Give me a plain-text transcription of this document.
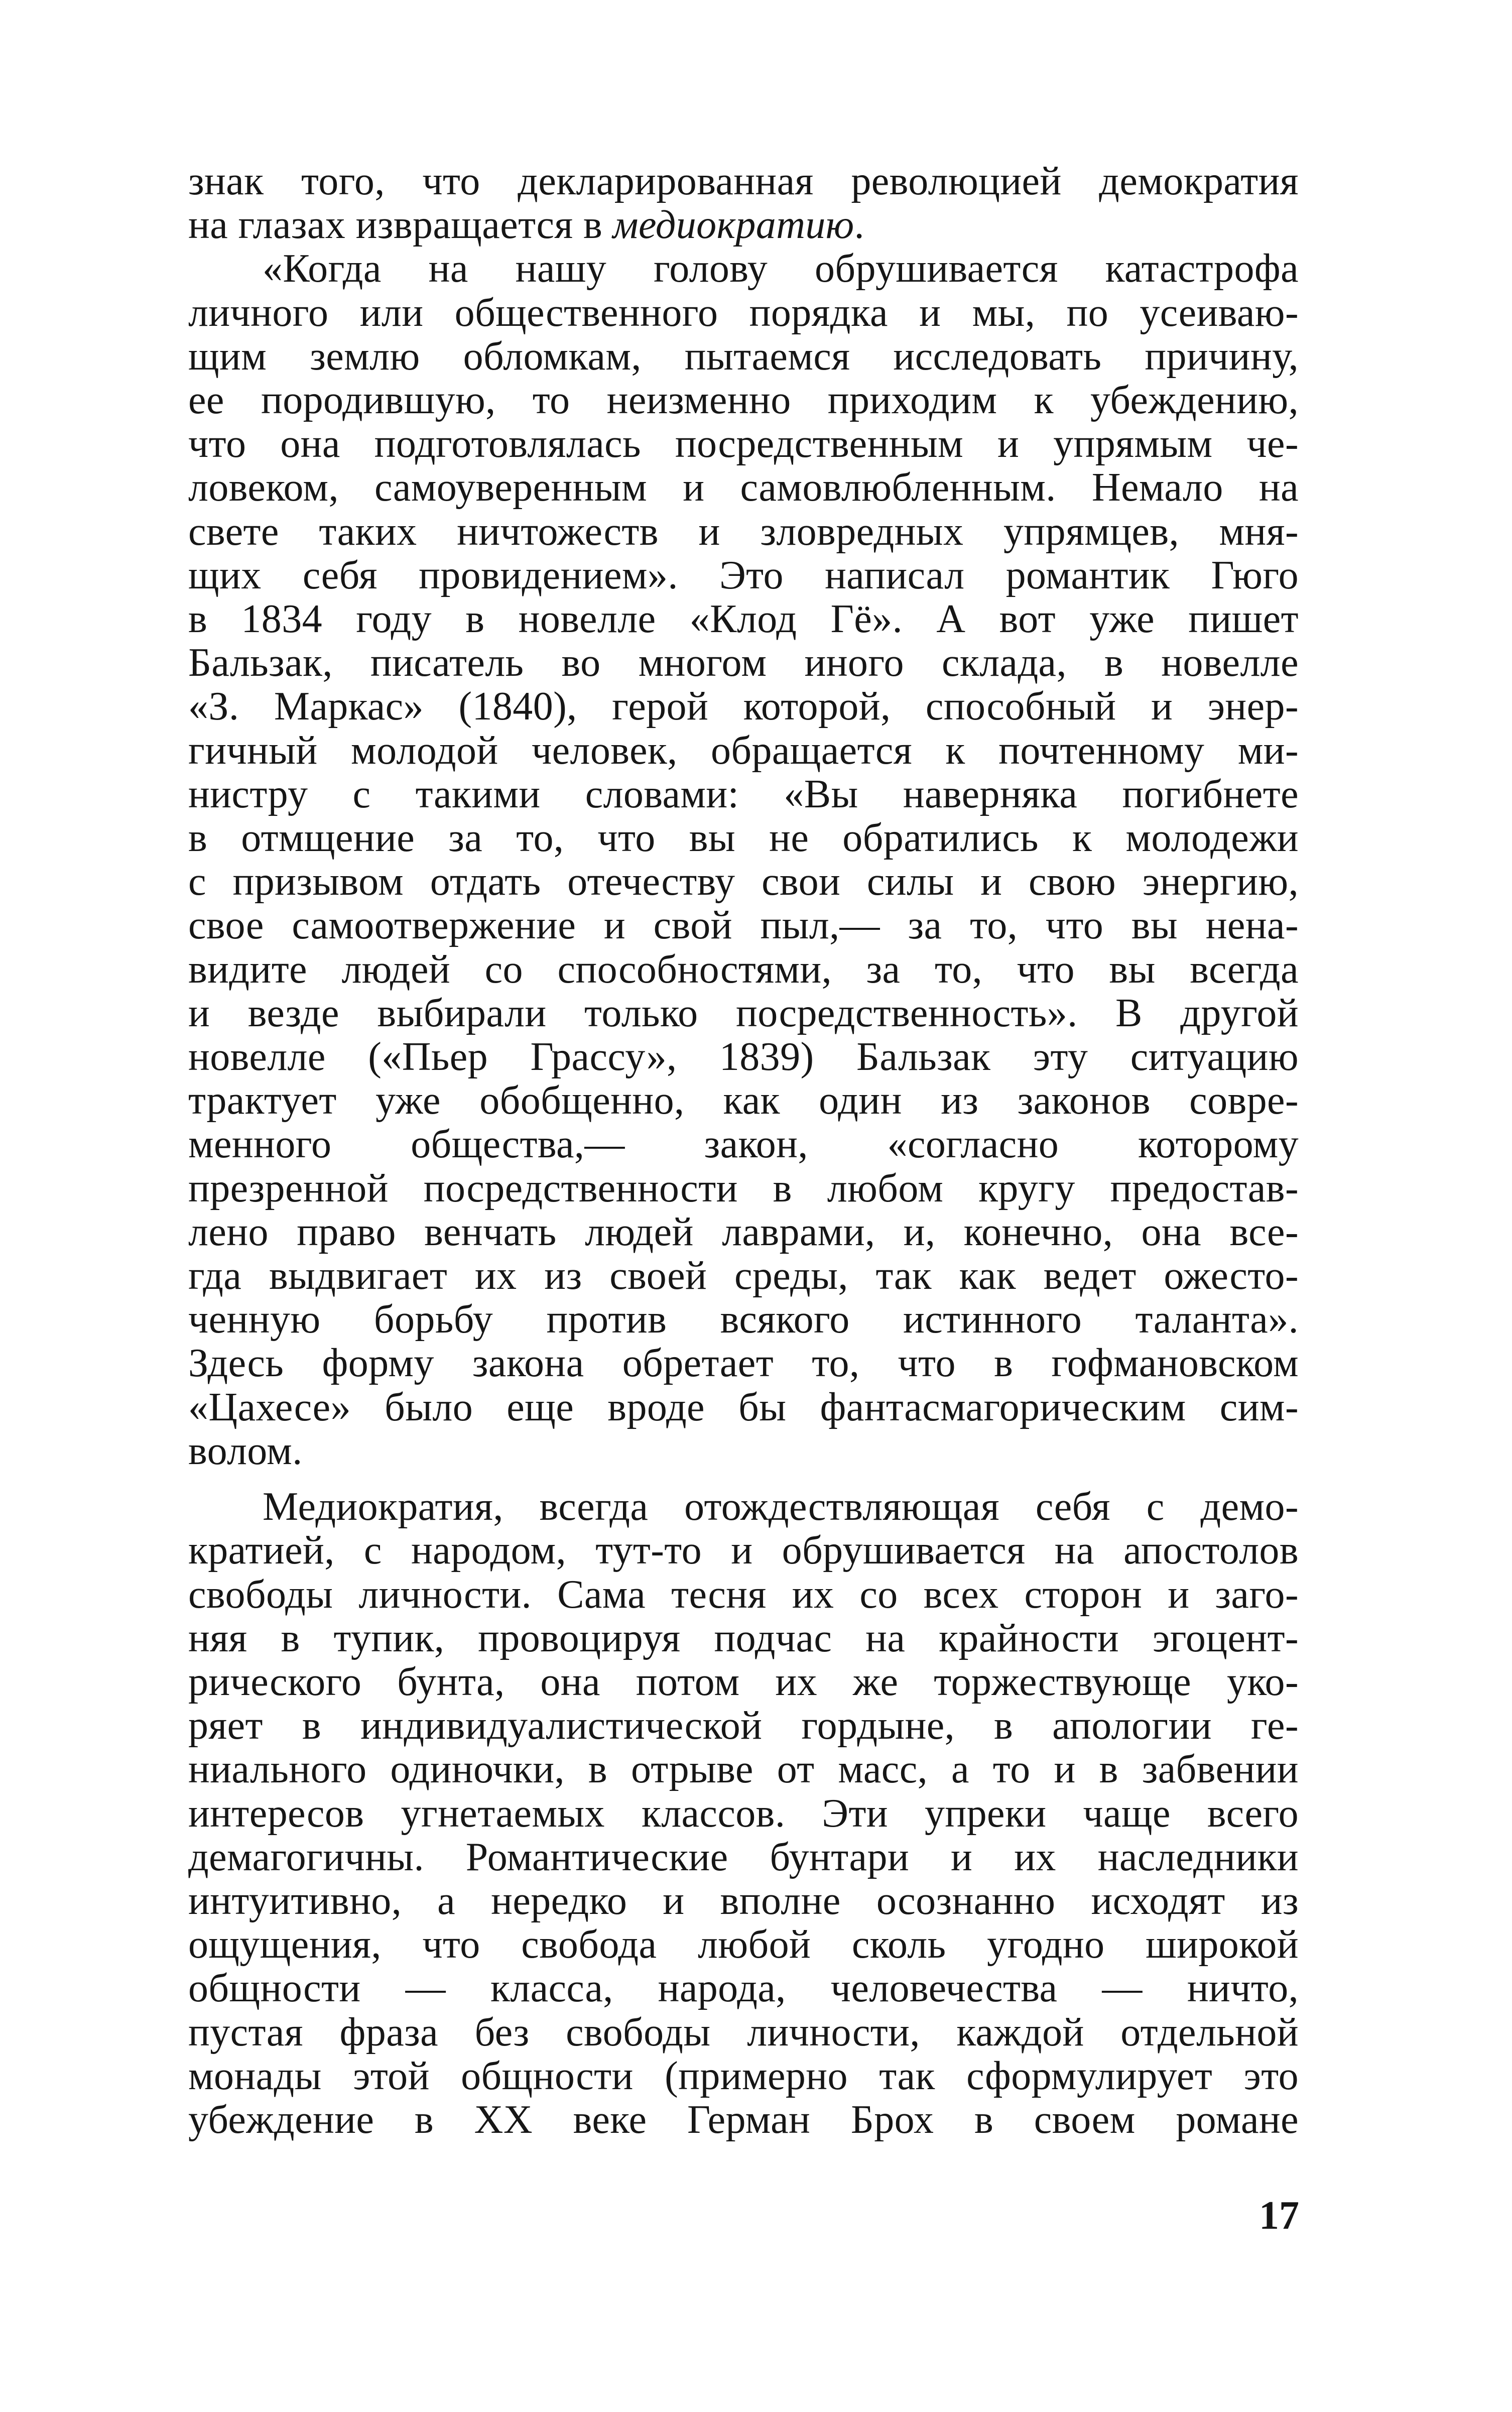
знак того, что декларированная революцией демократия
на глазах извращается в медиократию.
«Когда на нашу голову обрушивается катастрофа
личного или общественного порядка и мы, по усеиваю-
щим землю обломкам, пытаемся исследовать причину,
ее породившую, то неизменно приходим к убеждению,
что она подготовлялась посредственным и упрямым че-
ловеком, самоуверенным и самовлюбленным. Немало на
свете таких ничтожеств и зловредных упрямцев, мня-
щих себя провидением». Это написал романтик Гюго
в 1834 году в новелле «Клод Гё». А вот уже пишет
Бальзак, писатель во многом иного склада, в новелле
«З. Маркас» (1840), герой которой, способный и энер-
гичный молодой человек, обращается к почтенному ми-
нистру с такими словами: «Вы наверняка погибнете
в отмщение за то, что вы не обратились к молодежи
с призывом отдать отечеству свои силы и свою энергию,
свое самоотвержение и свой пыл,— за то, что вы нена-
видите людей со способностями, за то, что вы всегда
и везде выбирали только посредственность». В другой
новелле («Пьер Грассу», 1839) Бальзак эту ситуацию
трактует уже обобщенно, как один из законов совре-
менного общества,— закон, «согласно которому
презренной посредственности в любом кругу предостав-
лено право венчать людей лаврами, и, конечно, она все-
гда выдвигает их из своей среды, так как ведет ожесто-
ченную борьбу против всякого истинного таланта».
Здесь форму закона обретает то, что в гофмановском
«Цахесе» было еще вроде бы фантасмагорическим сим-
волом.
Медиократия, всегда отождествляющая себя с демо-
кратией, с народом, тут-то и обрушивается на апостолов
свободы личности. Сама тесня их со всех сторон и заго-
няя в тупик, провоцируя подчас на крайности эгоцент-
рического бунта, она потом их же торжествующе уко-
ряет в индивидуалистической гордыне, в апологии ге-
ниального одиночки, в отрыве от масс, а то и в забвении
интересов угнетаемых классов. Эти упреки чаще всего
демагогичны. Романтические бунтари и их наследники
интуитивно, а нередко и вполне осознанно исходят из
ощущения, что свобода любой сколь угодно широкой
общности — класса, народа, человечества — ничто,
пустая фраза без свободы личности, каждой отдельной
монады этой общности (примерно так сформулирует это
убеждение в XX веке Герман Брох в своем романе
17
